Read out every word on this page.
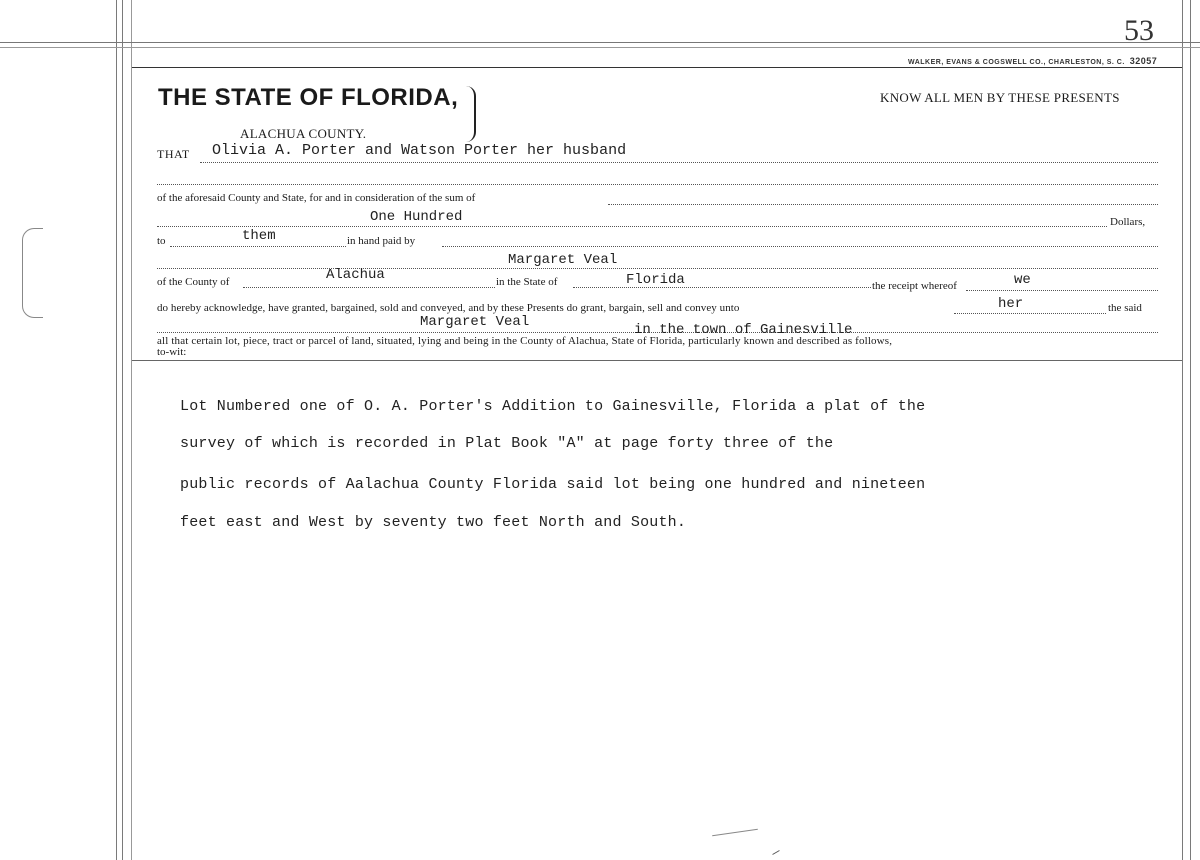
53
WALKER, EVANS & COGSWELL CO., CHARLESTON, S. C. 32057
THE STATE OF FLORIDA,	KNOW ALL MEN BY THESE PRESENTS
ALACHUA COUNTY.
THAT Olivia A. Porter and Watson Porter her husband
of the aforesaid County and State, for and in consideration of the sum of
One Hundred	Dollars,
to	them	in hand paid by
Margaret Veal
of the County of	Alachua	in the State of	Florida	the receipt whereof	we
do hereby acknowledge, have granted, bargained, sold and conveyed, and by these Presents do grant, bargain, sell and convey unto	her	the said
Margaret Veal	in the town of Gainesville
all that certain lot, piece, tract or parcel of land, situated, lying and being in the County of Alachua, State of Florida, particularly known and described as follows,
to-wit:
Lot Numbered one of O. A. Porter's Addition to Gainesville, Florida a plat of the
survey of which is recorded in Plat Book "A" at page forty three of the
public records of Aalachua County Florida said lot being one hundred and nineteen
feet east and West by seventy two feet North and South.
